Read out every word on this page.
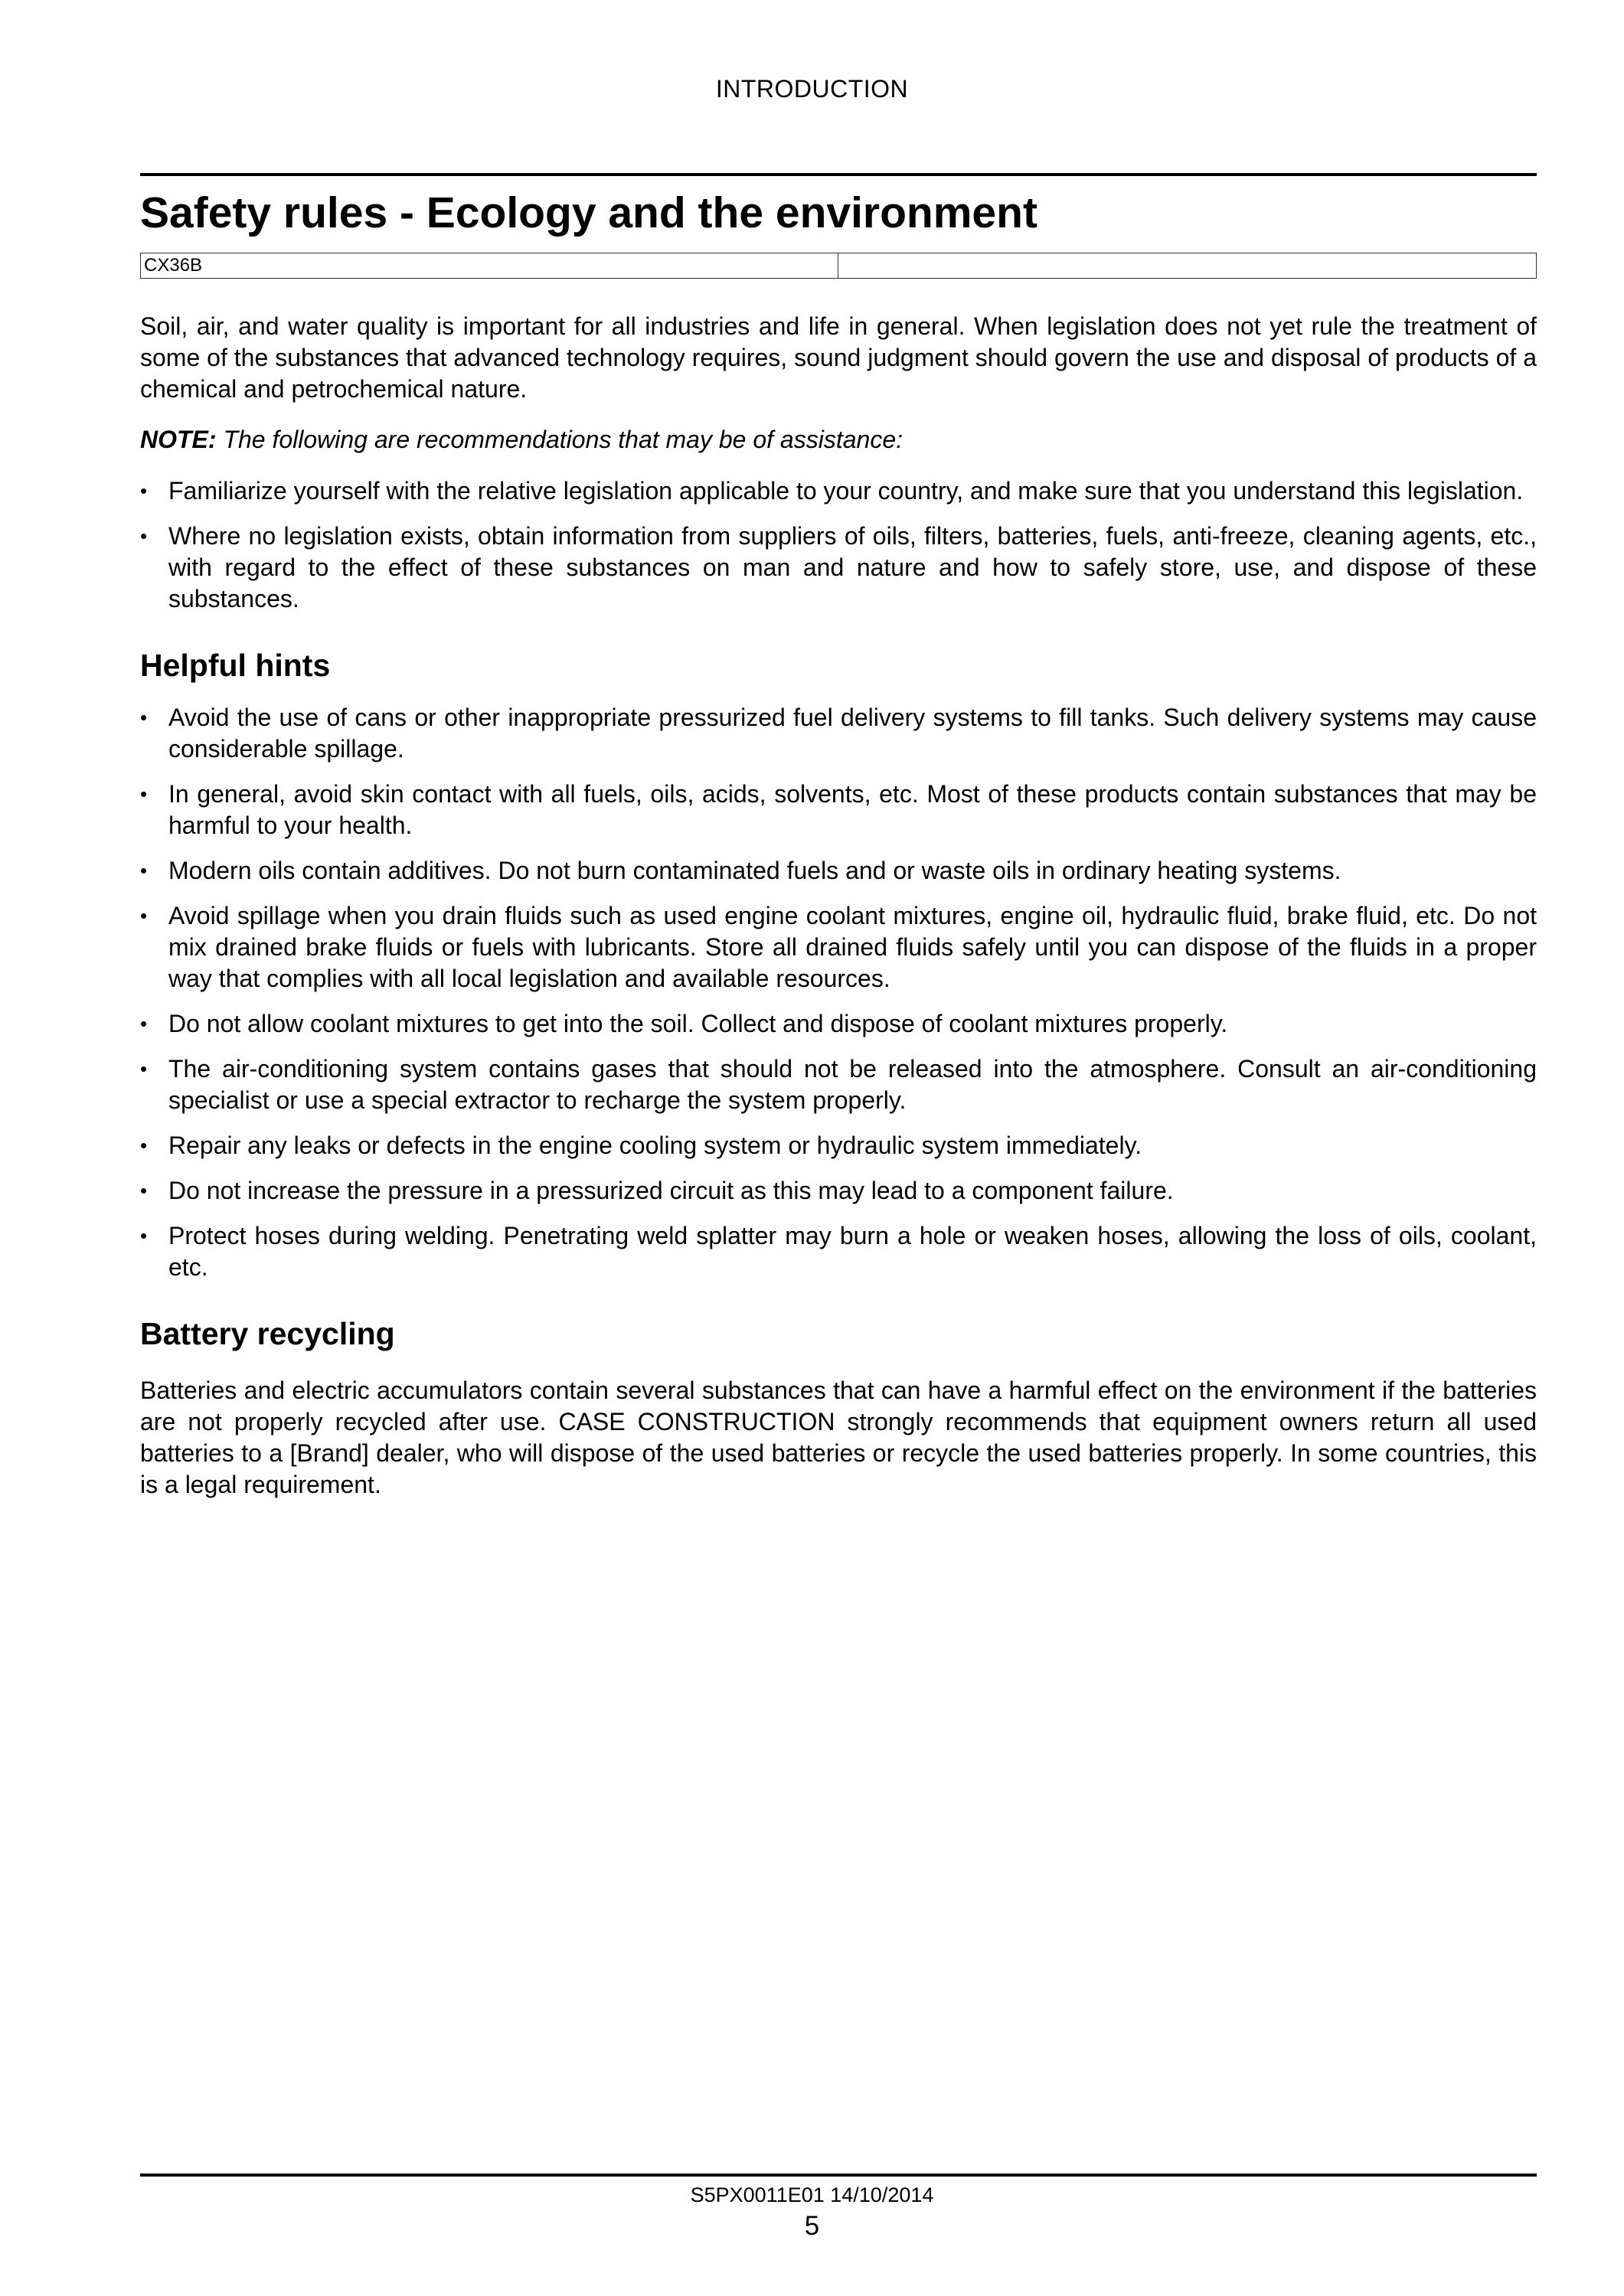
INTRODUCTION
Safety rules - Ecology and the environment
CX36B

Soil, air, and water quality is important for all industries and life in general. When legislation does not yet rule the treatment of some of the substances that advanced technology requires, sound judgment should govern the use and disposal of products of a chemical and petrochemical nature.

NOTE: The following are recommendations that may be of assistance:

• Familiarize yourself with the relative legislation applicable to your country, and make sure that you understand this legislation.
• Where no legislation exists, obtain information from suppliers of oils, filters, batteries, fuels, anti-freeze, cleaning agents, etc., with regard to the effect of these substances on man and nature and how to safely store, use, and dispose of these substances.
Helpful hints
• Avoid the use of cans or other inappropriate pressurized fuel delivery systems to fill tanks. Such delivery systems may cause considerable spillage.
• In general, avoid skin contact with all fuels, oils, acids, solvents, etc. Most of these products contain substances that may be harmful to your health.
• Modern oils contain additives. Do not burn contaminated fuels and or waste oils in ordinary heating systems.
• Avoid spillage when you drain fluids such as used engine coolant mixtures, engine oil, hydraulic fluid, brake fluid, etc. Do not mix drained brake fluids or fuels with lubricants. Store all drained fluids safely until you can dispose of the fluids in a proper way that complies with all local legislation and available resources.
• Do not allow coolant mixtures to get into the soil. Collect and dispose of coolant mixtures properly.
• The air-conditioning system contains gases that should not be released into the atmosphere. Consult an air-conditioning specialist or use a special extractor to recharge the system properly.
• Repair any leaks or defects in the engine cooling system or hydraulic system immediately.
• Do not increase the pressure in a pressurized circuit as this may lead to a component failure.
• Protect hoses during welding. Penetrating weld splatter may burn a hole or weaken hoses, allowing the loss of oils, coolant, etc.
Battery recycling

Batteries and electric accumulators contain several substances that can have a harmful effect on the environment if the batteries are not properly recycled after use. CASE CONSTRUCTION strongly recommends that equipment owners return all used batteries to a [Brand] dealer, who will dispose of the used batteries or recycle the used batteries properly. In some countries, this is a legal requirement.

S5PX0011E01 14/10/2014
5
